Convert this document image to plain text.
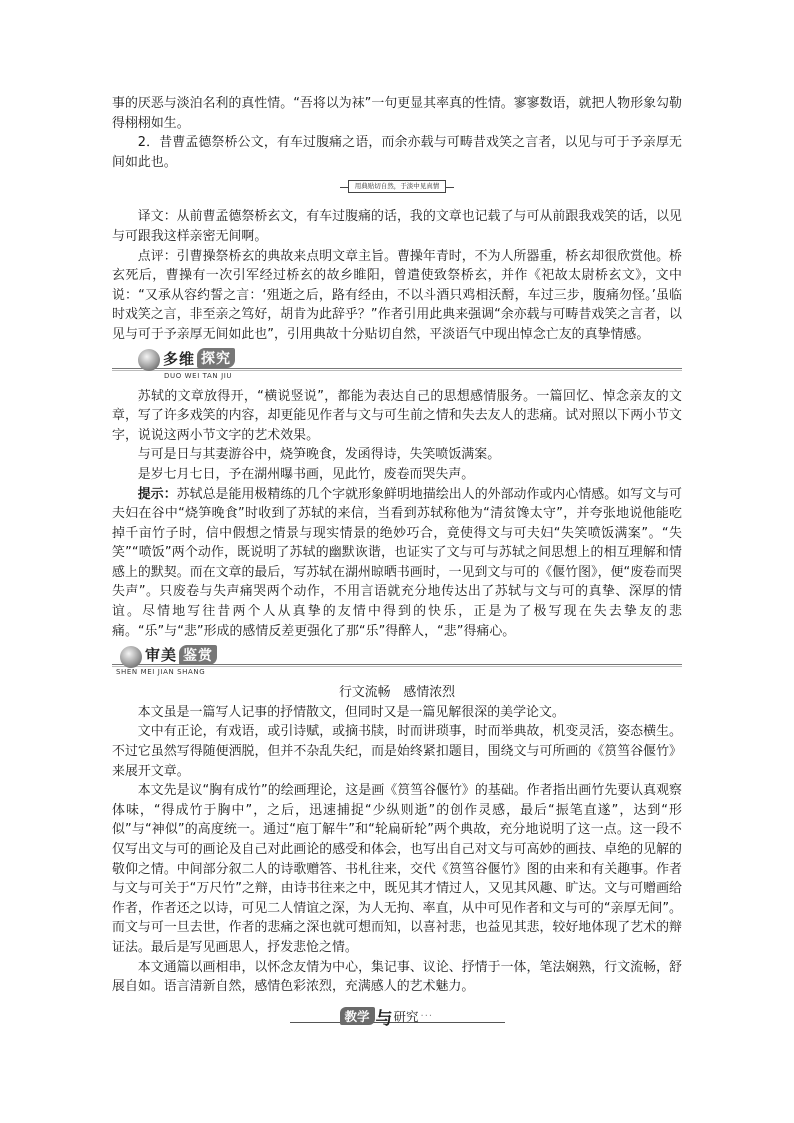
事的厌恶与淡泊名利的真性情。“吾将以为袜”一句更显其率真的性情。寥寥数语，就把人物形象勾勒得栩栩如生。

2．昔曹孟德祭桥公文，有车过腹痛之语，而余亦载与可畴昔戏笑之言者，以见与可于予亲厚无间如此也。

用典贴切自然，于淡中见真情

译文：从前曹孟德祭桥玄文，有车过腹痛的话，我的文章也记载了与可从前跟我戏笑的话，以见与可跟我这样亲密无间啊。

点评：引曹操祭桥玄的典故来点明文章主旨。曹操年青时，不为人所器重，桥玄却很欣赏他。桥玄死后，曹操有一次引军经过桥玄的故乡睢阳，曾遣使致祭桥玄，并作《祀故太尉桥玄文》，文中说：“又承从容约誓之言：‘殂逝之后，路有经由，不以斗酒只鸡相沃酹，车过三步，腹痛勿怪。’虽临时戏笑之言，非至亲之笃好，胡肯为此辞乎？”作者引用此典来强调“余亦载与可畴昔戏笑之言者，以见与可于予亲厚无间如此也”，引用典故十分贴切自然，平淡语气中现出悼念亡友的真挚情感。

多维 探究
DUO WEI TAN JIU

苏轼的文章放得开，“横说竖说”，都能为表达自己的思想感情服务。一篇回忆、悼念亲友的文章，写了许多戏笑的内容，却更能见作者与文与可生前之情和失去友人的悲痛。试对照以下两小节文字，说说这两小节文字的艺术效果。

与可是日与其妻游谷中，烧笋晚食，发函得诗，失笑喷饭满案。

是岁七月七日，予在湖州曝书画，见此竹，废卷而哭失声。

提示：苏轼总是能用极精练的几个字就形象鲜明地描绘出人的外部动作或内心情感。如写文与可夫妇在谷中“烧笋晚食”时收到了苏轼的来信，当看到苏轼称他为“清贫馋太守”，并夸张地说他能吃掉千亩竹子时，信中假想之情景与现实情景的绝妙巧合，竟使得文与可夫妇“失笑喷饭满案”。“失笑”“喷饭”两个动作，既说明了苏轼的幽默诙谐，也证实了文与可与苏轼之间思想上的相互理解和情感上的默契。而在文章的最后，写苏轼在湖州晾晒书画时，一见到文与可的《偃竹图》，便“废卷而哭失声”。只废卷与失声痛哭两个动作，不用言语就充分地传达出了苏轼与文与可的真挚、深厚的情谊。尽情地写往昔两个人从真挚的友情中得到的快乐，正是为了极写现在失去挚友的悲痛。“乐”与“悲”形成的感情反差更强化了那“乐”得醉人，“悲”得痛心。

审美 鉴赏
SHEN MEI JIAN SHANG

行文流畅　感情浓烈

本文虽是一篇写人记事的抒情散文，但同时又是一篇见解很深的美学论文。

文中有正论，有戏语，或引诗赋，或摘书牍，时而讲琐事，时而举典故，机变灵活，姿态横生。不过它虽然写得随便洒脱，但并不杂乱失纪，而是始终紧扣题目，围绕文与可所画的《筼筜谷偃竹》来展开文章。

本文先是议“胸有成竹”的绘画理论，这是画《筼筜谷偃竹》的基础。作者指出画竹先要认真观察体味，“得成竹于胸中”，之后，迅速捕捉“少纵则逝”的创作灵感，最后“振笔直遂”，达到“形似”与“神似”的高度统一。通过“庖丁解牛”和“轮扁斫轮”两个典故，充分地说明了这一点。这一段不仅写出文与可的画论及自己对此画论的感受和体会，也写出自己对文与可高妙的画技、卓绝的见解的敬仰之情。中间部分叙二人的诗歌赠答、书札往来，交代《筼筜谷偃竹》图的由来和有关趣事。作者与文与可关于“万尺竹”之辩，由诗书往来之中，既见其才情过人，又见其风趣、旷达。文与可赠画给作者，作者还之以诗，可见二人情谊之深，为人无拘、率直，从中可见作者和文与可的“亲厚无间”。而文与可一旦去世，作者的悲痛之深也就可想而知，以喜衬悲，也益见其悲，较好地体现了艺术的辩证法。最后是写见画思人，抒发悲怆之情。

本文通篇以画相串，以怀念友情为中心，集记事、议论、抒情于一体，笔法娴熟，行文流畅，舒展自如。语言清新自然，感情色彩浓烈，充满感人的艺术魅力。

教学 与 研究 ···
